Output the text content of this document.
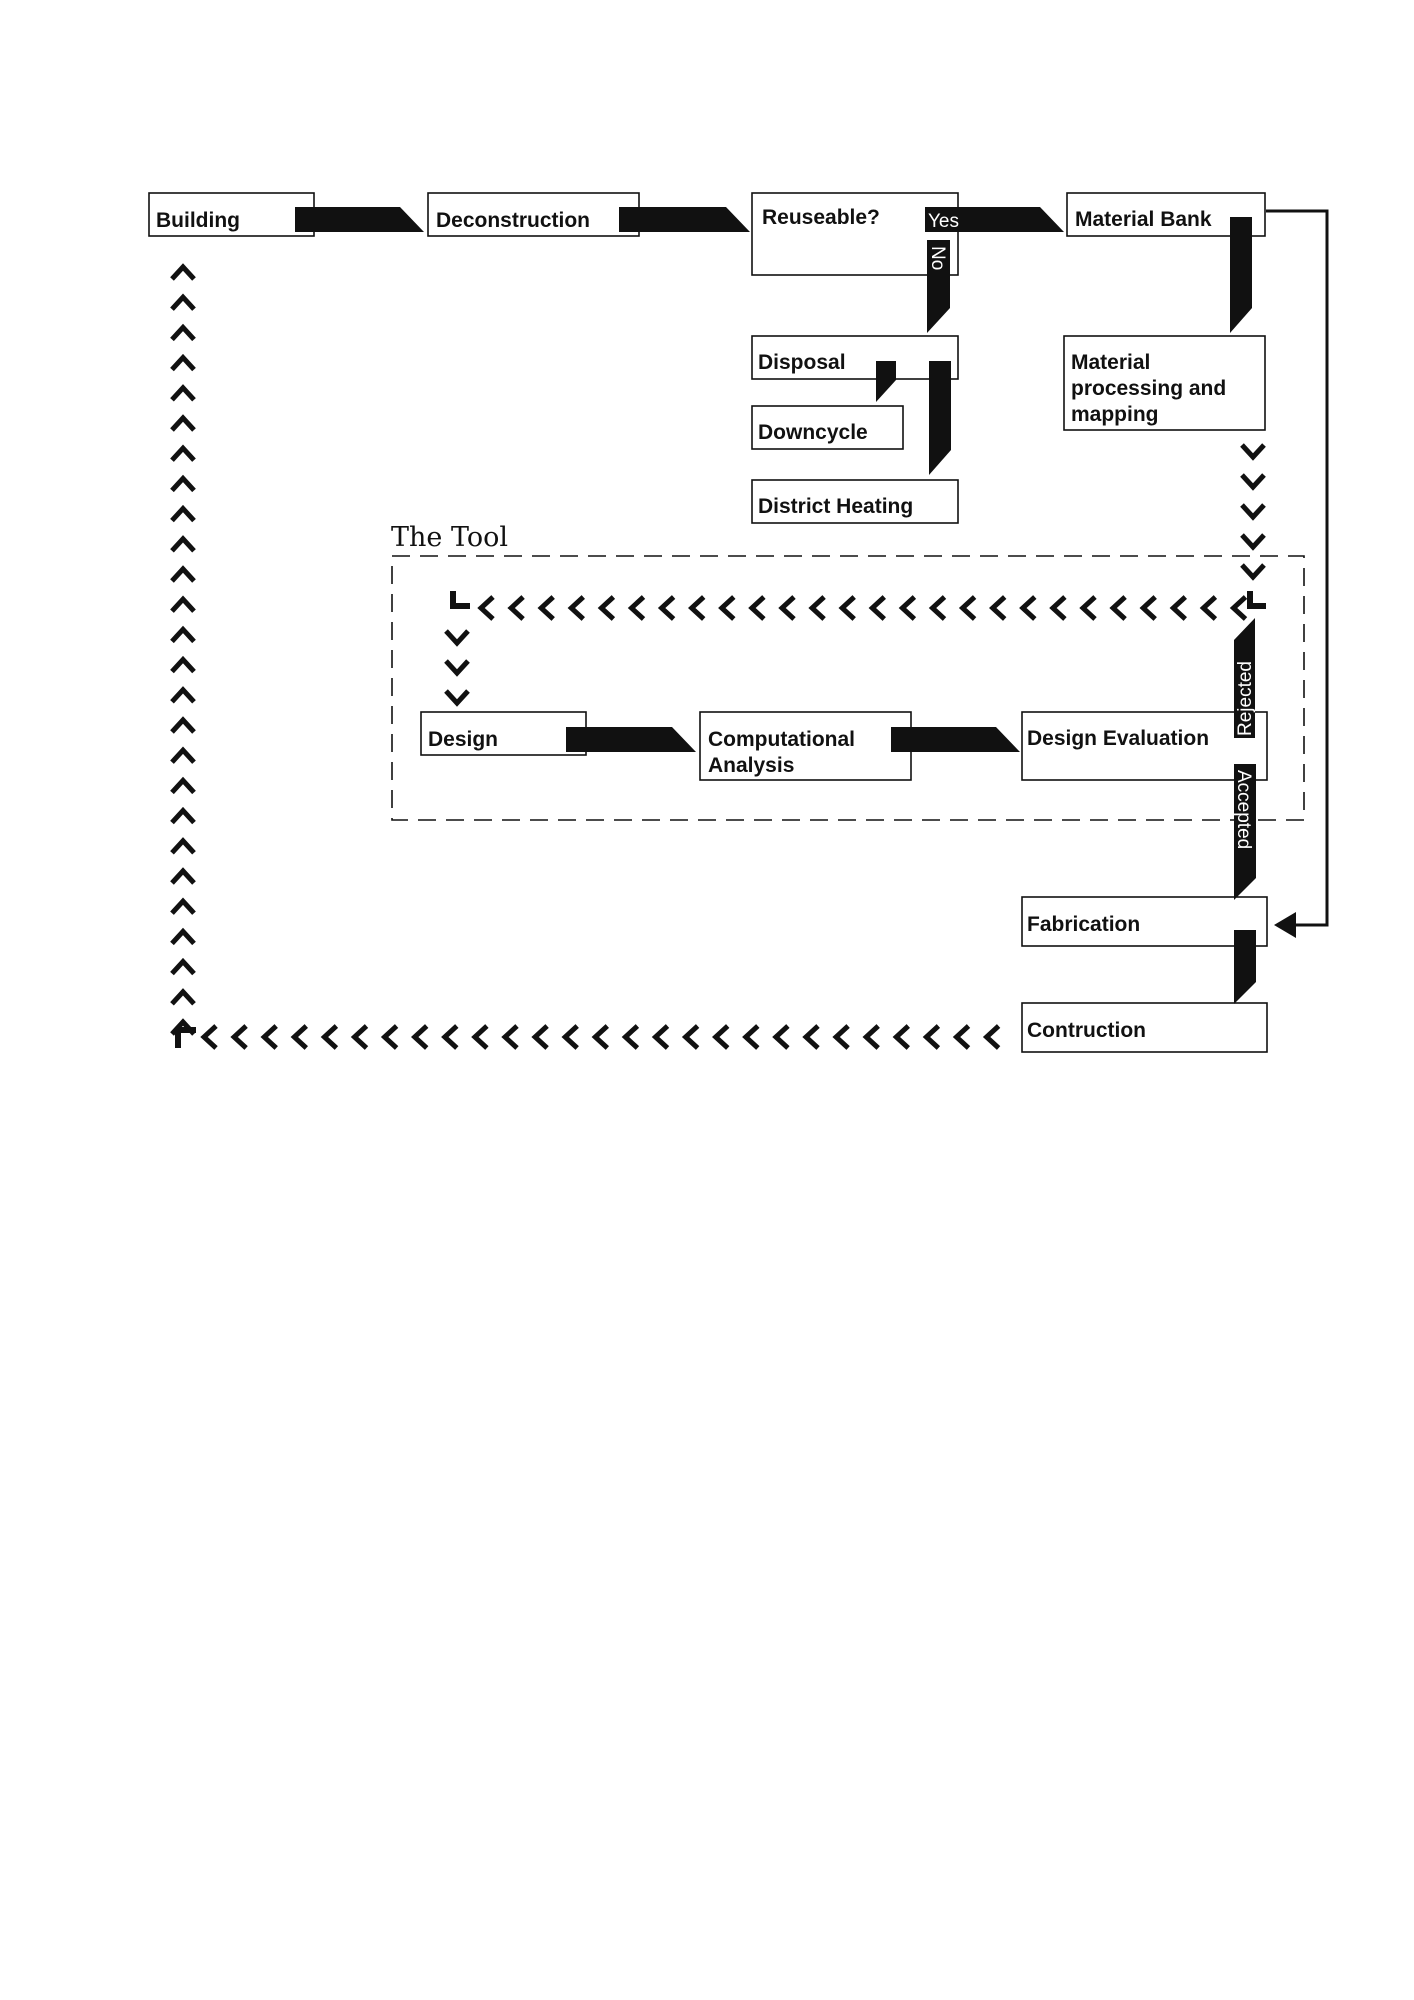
The Tool
Building	Deconstruction	Reuseable?	Material Bank
Disposal
Downcycle
District Heating
Material
processing and
mapping
Design	Computational
Analysis
Design Evaluation
Fabrication
Contruction
Yes
No
Rejected
Accepted
